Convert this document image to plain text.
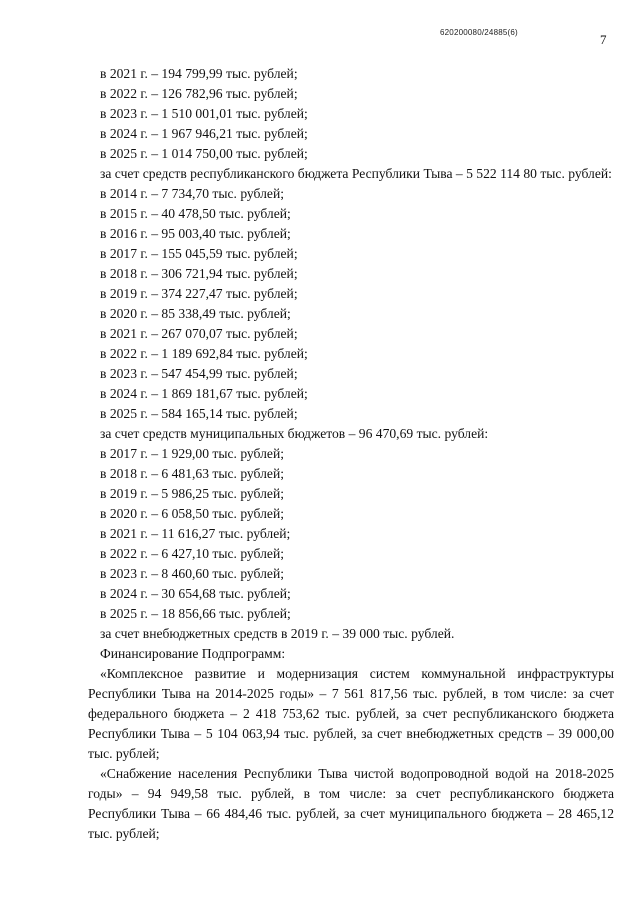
620200080/24885(6)	7
в 2021 г. – 194 799,99 тыс. рублей;
в 2022 г. – 126 782,96 тыс. рублей;
в 2023 г. – 1 510 001,01 тыс. рублей;
в 2024 г. – 1 967 946,21 тыс. рублей;
в 2025 г. – 1 014 750,00 тыс. рублей;
за счет средств республиканского бюджета Республики Тыва – 5 522 114 80 тыс. рублей:
в 2014 г. – 7 734,70 тыс. рублей;
в 2015 г. – 40 478,50 тыс. рублей;
в 2016 г. – 95 003,40 тыс. рублей;
в 2017 г. – 155 045,59 тыс. рублей;
в 2018 г. – 306 721,94 тыс. рублей;
в 2019 г. – 374 227,47 тыс. рублей;
в 2020 г. – 85 338,49 тыс. рублей;
в 2021 г. – 267 070,07 тыс. рублей;
в 2022 г. – 1 189 692,84 тыс. рублей;
в 2023 г. – 547 454,99 тыс. рублей;
в 2024 г. – 1 869 181,67 тыс. рублей;
в 2025 г. – 584 165,14 тыс. рублей;
за счет средств муниципальных бюджетов – 96 470,69 тыс. рублей:
в 2017 г. – 1 929,00 тыс. рублей;
в 2018 г. – 6 481,63 тыс. рублей;
в 2019 г. – 5 986,25 тыс. рублей;
в 2020 г. – 6 058,50 тыс. рублей;
в 2021 г. – 11 616,27 тыс. рублей;
в 2022 г. – 6 427,10 тыс. рублей;
в 2023 г. – 8 460,60 тыс. рублей;
в 2024 г. – 30 654,68 тыс. рублей;
в 2025 г. – 18 856,66 тыс. рублей;
за счет внебюджетных средств в 2019 г. – 39 000 тыс. рублей.
Финансирование Подпрограмм:
«Комплексное развитие и модернизация систем коммунальной инфраструктуры Республики Тыва на 2014-2025 годы» – 7 561 817,56 тыс. рублей, в том числе: за счет федерального бюджета – 2 418 753,62 тыс. рублей, за счет республиканского бюджета Республики Тыва – 5 104 063,94 тыс. рублей, за счет внебюджетных средств – 39 000,00 тыс. рублей;
«Снабжение населения Республики Тыва чистой водопроводной водой на 2018-2025 годы» – 94 949,58 тыс. рублей, в том числе: за счет республиканского бюджета Республики Тыва – 66 484,46 тыс. рублей, за счет муниципального бюджета – 28 465,12 тыс. рублей;
